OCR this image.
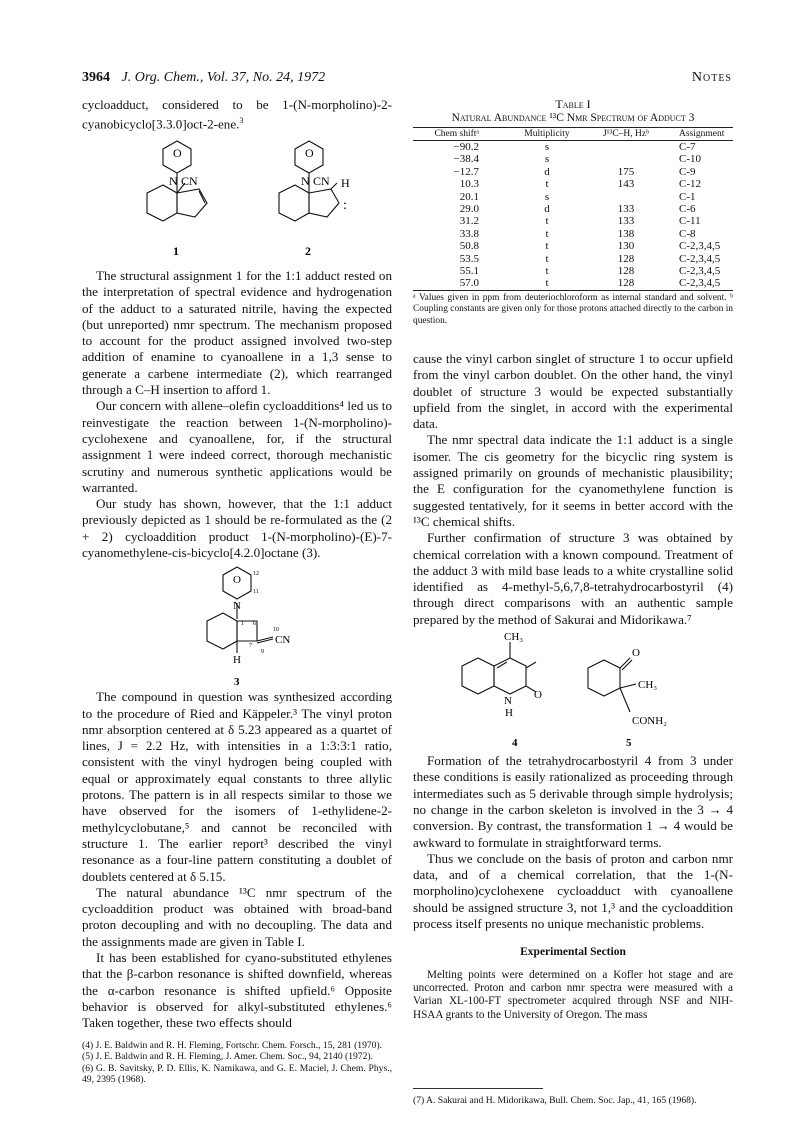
3964 J. Org. Chem., Vol. 37, No. 24, 1972	Notes

cycloadduct, considered to be 1-(N-morpholino)-2-cyanobicyclo[3.3.0]oct-2-ene.$^3$

O
N CN
1
O
N CN H
:
2

The structural assignment 1 for the 1:1 adduct rested on the interpretation of spectral evidence and hydrogenation of the adduct to a saturated nitrile, having the expected (but unreported) nmr spectrum. The mechanism proposed to account for the product assigned involved two-step addition of enamine to cyanoallene in a 1,3 sense to generate a carbene intermediate (2), which rearranged through a C–H insertion to afford 1.

Our concern with allene–olefin cycloadditions⁴ led us to reinvestigate the reaction between 1-(N-morpholino)-cyclohexene and cyanoallene, for, if the structural assignment 1 were indeed correct, thorough mechanistic scrutiny and numerous synthetic applications would be warranted.

Our study has shown, however, that the 1:1 adduct previously depicted as 1 should be re-formulated as the (2 + 2) cycloaddition product 1-(N-morpholino)-(E)-7-cyanomethylene-cis-bicyclo[4.2.0]octane (3).

O
N
12
11
1 6
10
7
9
CN
H
3

The compound in question was synthesized according to the procedure of Ried and Käppeler.³ The vinyl proton nmr absorption centered at δ 5.23 appeared as a quartet of lines, J = 2.2 Hz, with intensities in a 1:3:3:1 ratio, consistent with the vinyl hydrogen being coupled with equal or approximately equal constants to three allylic protons. The pattern is in all respects similar to those we have observed for the isomers of 1-ethylidene-2-methylcyclobutane,⁵ and cannot be reconciled with structure 1. The earlier report³ described the vinyl resonance as a four-line pattern constituting a doublet of doublets centered at δ 5.15.

The natural abundance ¹³C nmr spectrum of the cycloaddition product was obtained with broad-band proton decoupling and with no decoupling. The data and the assignments made are given in Table I.

It has been established for cyano-substituted ethylenes that the β-carbon resonance is shifted downfield, whereas the α-carbon resonance is shifted upfield.⁶ Opposite behavior is observed for alkyl-substituted ethylenes.⁶ Taken together, these two effects should

(4) J. E. Baldwin and R. H. Fleming, Fortschr. Chem. Forsch., 15, 281 (1970).

(5) J. E. Baldwin and R. H. Fleming, J. Amer. Chem. Soc., 94, 2140 (1972).

(6) G. B. Savitsky, P. D. Ellis, K. Namikawa, and G. E. Maciel, J. Chem. Phys., 49, 2395 (1968).

Table I
Natural Abundance ¹³C Nmr Spectrum of Adduct 3
Chem shiftᵃ	Multiplicity	J¹³C–H, Hzᵇ	Assignment
−90.2	s		C-7
−38.4	s		C-10
−12.7	d	175	C-9
10.3	t	143	C-12
20.1	s		C-1
29.0	d	133	C-6
31.2	t	133	C-11
33.8	t	138	C-8
50.8	t	130	C-2,3,4,5
53.5	t	128	C-2,3,4,5
55.1	t	128	C-2,3,4,5
57.0	t	128	C-2,3,4,5

ᵃ Values given in ppm from deuteriochloroform as internal standard and solvent. ᵇ Coupling constants are given only for those protons attached directly to the carbon in question.

cause the vinyl carbon singlet of structure 1 to occur upfield from the vinyl carbon doublet. On the other hand, the vinyl doublet of structure 3 would be expected substantially upfield from the singlet, in accord with the experimental data.

The nmr spectral data indicate the 1:1 adduct is a single isomer. The cis geometry for the bicyclic ring system is assigned primarily on grounds of mechanistic plausibility; the E configuration for the cyanomethylene function is suggested tentatively, for it seems in better accord with the ¹³C chemical shifts.

Further confirmation of structure 3 was obtained by chemical correlation with a known compound. Treatment of the adduct 3 with mild base leads to a white crystalline solid identified as 4-methyl-5,6,7,8-tetrahydrocarbostyril (4) through direct comparisons with an authentic sample prepared by the method of Sakurai and Midorikawa.⁷

CH₃
N
H
O
4
O
CH₃
CONH₂
5

Formation of the tetrahydrocarbostyril 4 from 3 under these conditions is easily rationalized as proceeding through intermediates such as 5 derivable through simple hydrolysis; no change in the carbon skeleton is involved in the 3 → 4 conversion. By contrast, the transformation 1 → 4 would be awkward to formulate in straightforward terms.

Thus we conclude on the basis of proton and carbon nmr data, and of a chemical correlation, that the 1-(N-morpholino)cyclohexene cycloadduct with cyanoallene should be assigned structure 3, not 1,³ and the cycloaddition process itself presents no unique mechanistic problems.

Experimental Section

Melting points were determined on a Kofler hot stage and are uncorrected. Proton and carbon nmr spectra were measured with a Varian XL-100-FT spectrometer acquired through NSF and NIH-HSAA grants to the University of Oregon. The mass

(7) A. Sakurai and H. Midorikawa, Bull. Chem. Soc. Jap., 41, 165 (1968).
